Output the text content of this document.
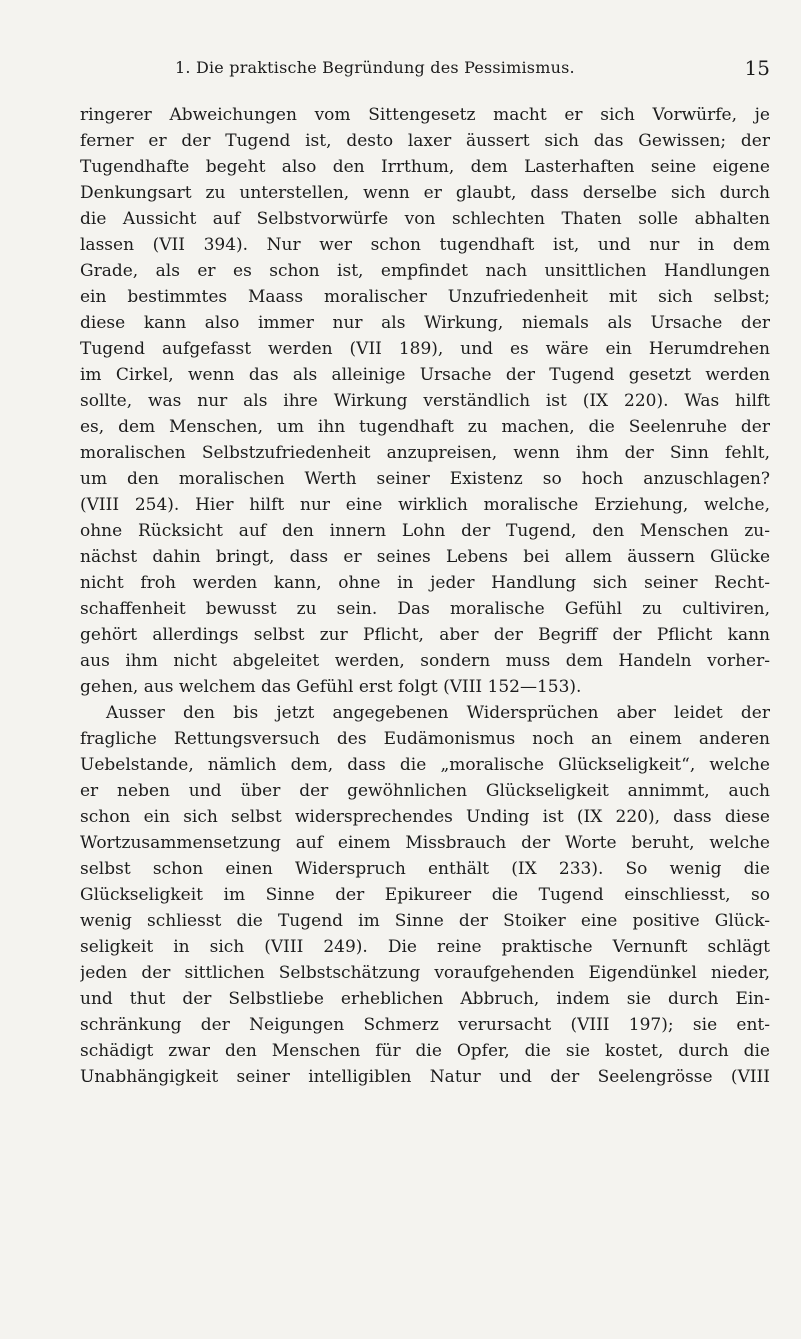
1. Die praktische Begründung des Pessimismus.	15
ringerer Abweichungen vom Sittengesetz macht er sich Vorwürfe, je
ferner er der Tugend ist, desto laxer äussert sich das Gewissen; der
Tugendhafte begeht also den Irrthum, dem Lasterhaften seine eigene
Denkungsart zu unterstellen, wenn er glaubt, dass derselbe sich durch
die Aussicht auf Selbstvorwürfe von schlechten Thaten solle abhalten
lassen (VII 394). Nur wer schon tugendhaft ist, und nur in dem
Grade, als er es schon ist, empfindet nach unsittlichen Handlungen
ein bestimmtes Maass moralischer Unzufriedenheit mit sich selbst;
diese kann also immer nur als Wirkung, niemals als Ursache der
Tugend aufgefasst werden (VII 189), und es wäre ein Herumdrehen
im Cirkel, wenn das als alleinige Ursache der Tugend gesetzt werden
sollte, was nur als ihre Wirkung verständlich ist (IX 220). Was hilft
es, dem Menschen, um ihn tugendhaft zu machen, die Seelenruhe der
moralischen Selbstzufriedenheit anzupreisen, wenn ihm der Sinn fehlt,
um den moralischen Werth seiner Existenz so hoch anzuschlagen?
(VIII 254). Hier hilft nur eine wirklich moralische Erziehung, welche,
ohne Rücksicht auf den innern Lohn der Tugend, den Menschen zu-
nächst dahin bringt, dass er seines Lebens bei allem äussern Glücke
nicht froh werden kann, ohne in jeder Handlung sich seiner Recht-
schaffenheit bewusst zu sein. Das moralische Gefühl zu cultiviren,
gehört allerdings selbst zur Pflicht, aber der Begriff der Pflicht kann
aus ihm nicht abgeleitet werden, sondern muss dem Handeln vorher-
gehen, aus welchem das Gefühl erst folgt (VIII 152—153).
Ausser den bis jetzt angegebenen Widersprüchen aber leidet der
fragliche Rettungsversuch des Eudämonismus noch an einem anderen
Uebelstande, nämlich dem, dass die „moralische Glückseligkeit“, welche
er neben und über der gewöhnlichen Glückseligkeit annimmt, auch
schon ein sich selbst widersprechendes Unding ist (IX 220), dass diese
Wortzusammensetzung auf einem Missbrauch der Worte beruht, welche
selbst schon einen Widerspruch enthält (IX 233). So wenig die
Glückseligkeit im Sinne der Epikureer die Tugend einschliesst, so
wenig schliesst die Tugend im Sinne der Stoiker eine positive Glück-
seligkeit in sich (VIII 249). Die reine praktische Vernunft schlägt
jeden der sittlichen Selbstschätzung voraufgehenden Eigendünkel nieder,
und thut der Selbstliebe erheblichen Abbruch, indem sie durch Ein-
schränkung der Neigungen Schmerz verursacht (VIII 197); sie ent-
schädigt zwar den Menschen für die Opfer, die sie kostet, durch die
Unabhängigkeit seiner intelligiblen Natur und der Seelengrösse (VIII
